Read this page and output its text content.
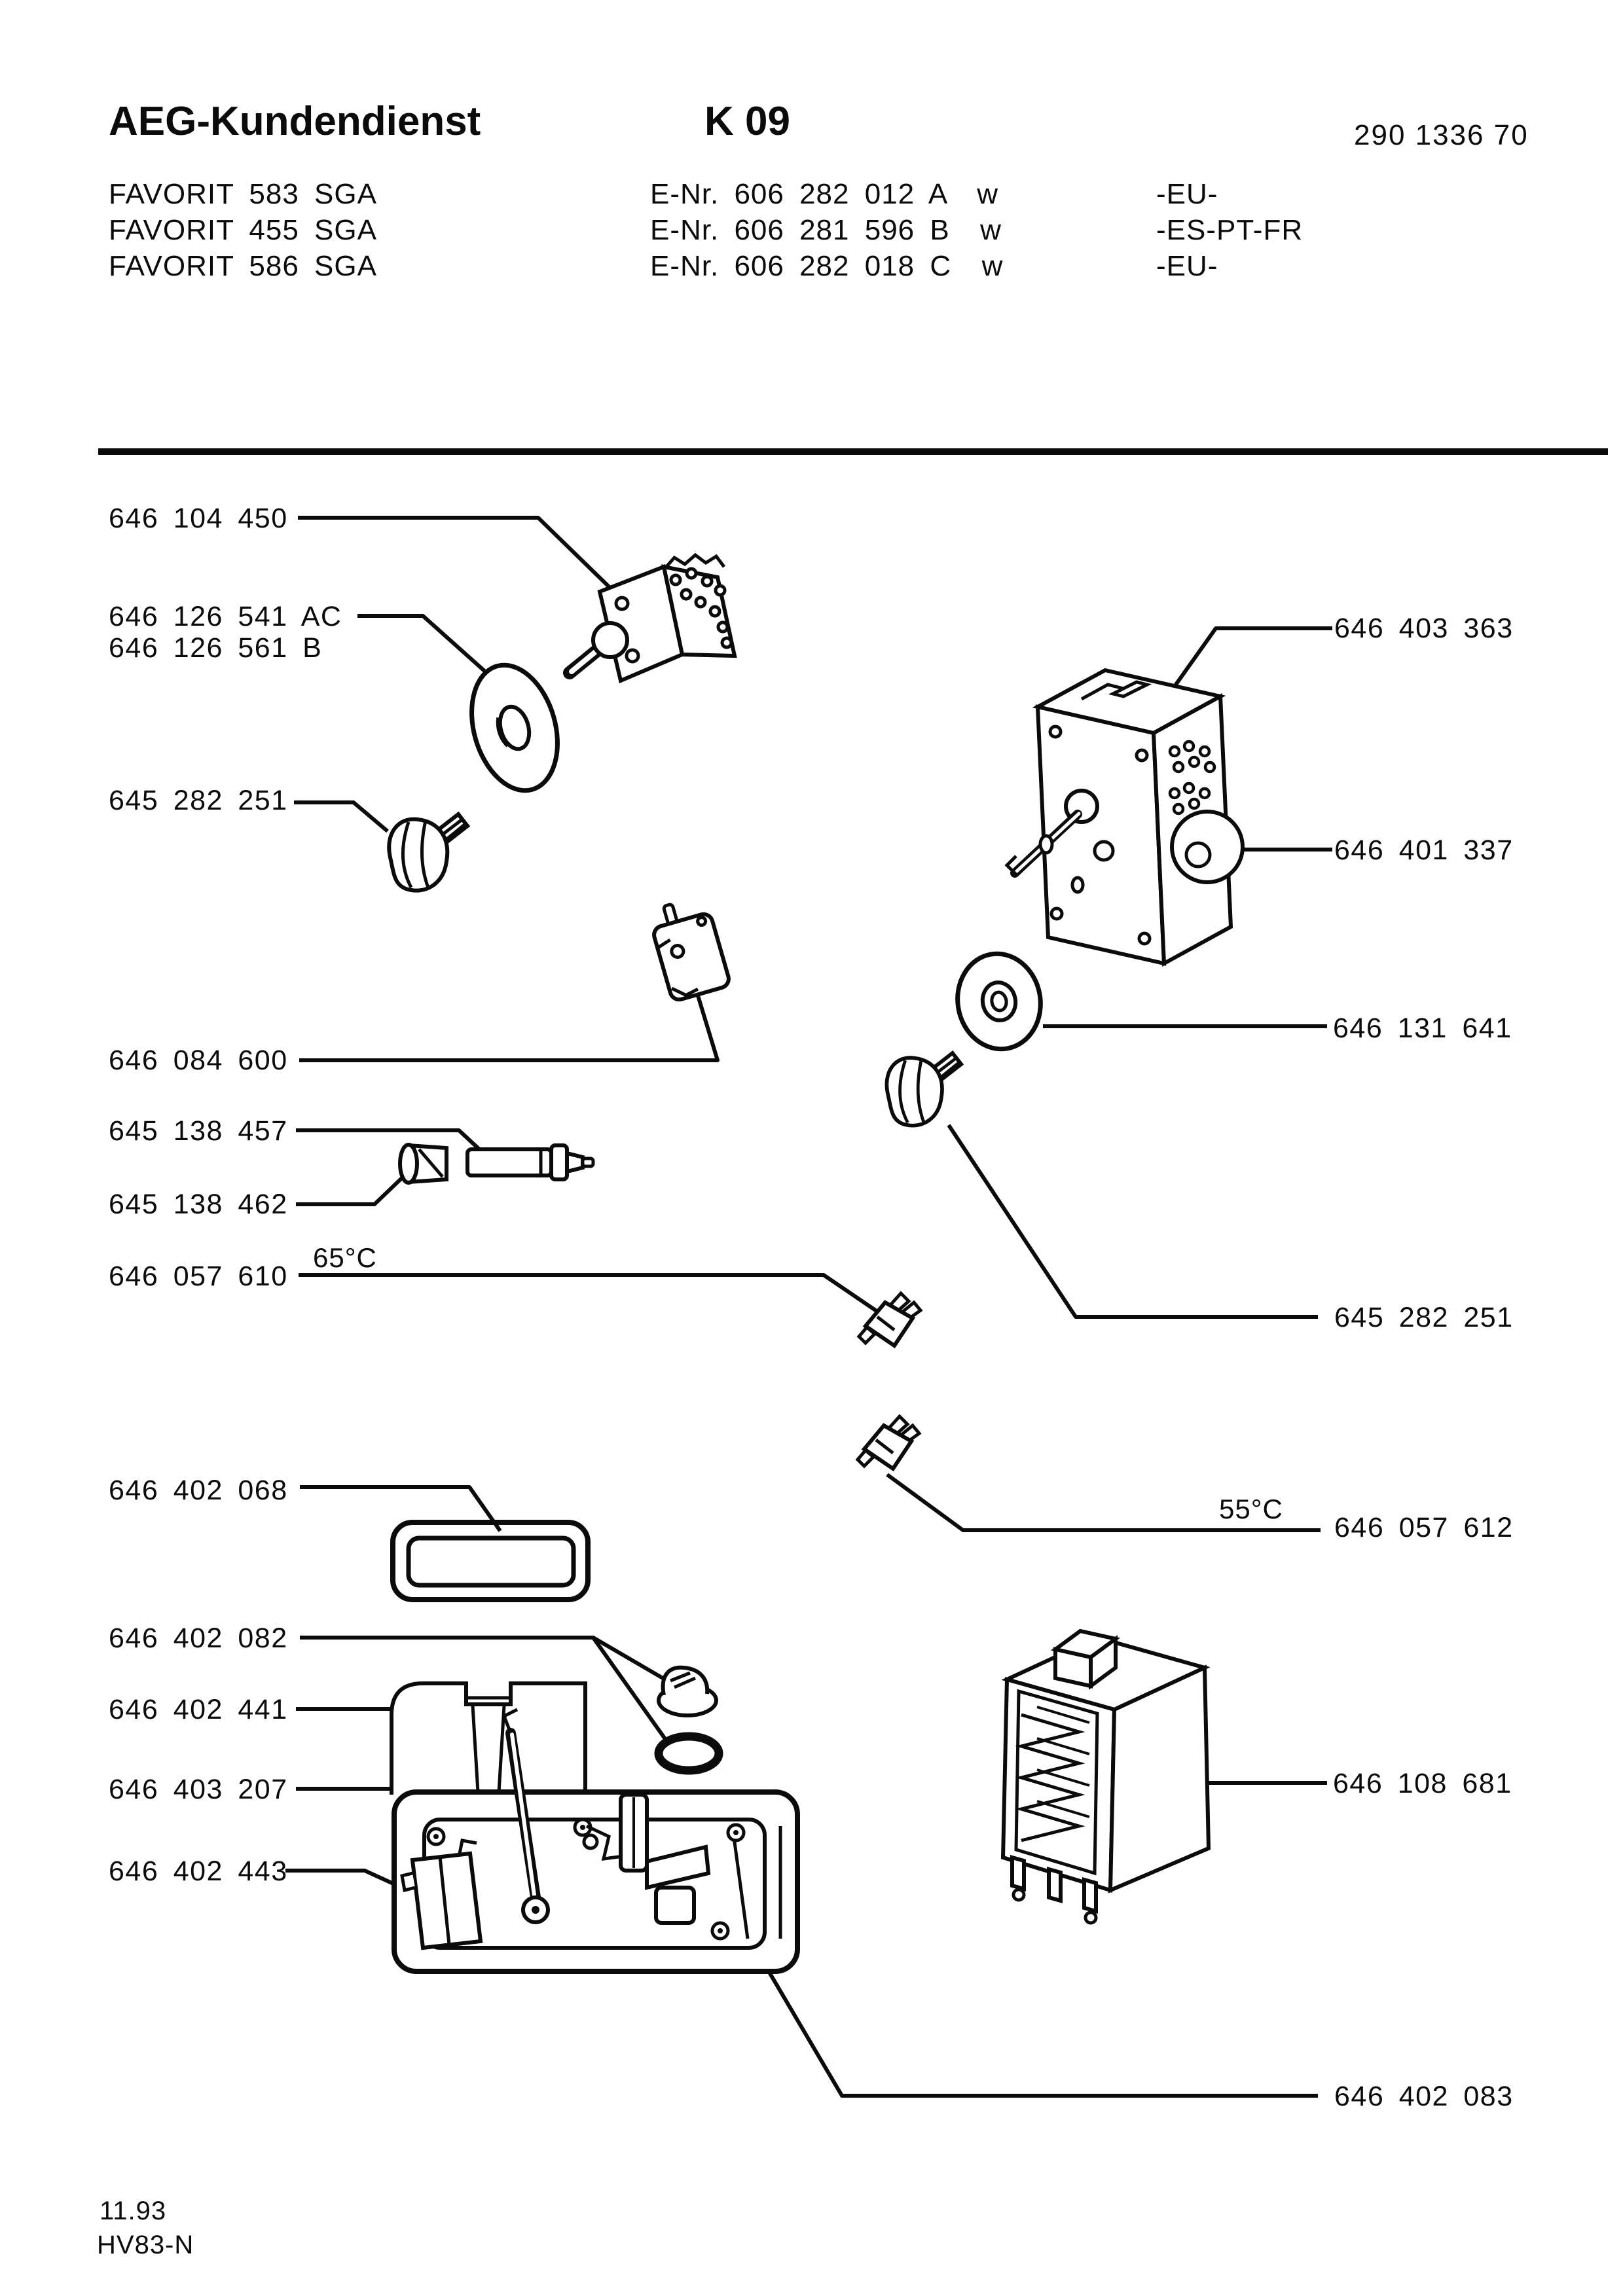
AEG-Kundendienst	K 09	290 1336 70
FAVORIT 583 SGA	E-Nr. 606 282 012 A  w	-EU-
FAVORIT 455 SGA	E-Nr. 606 281 596 B  w	-ES-PT-FR
FAVORIT 586 SGA	E-Nr. 606 282 018 C  w	-EU-
646 104 450
646 126 541 AC
646 126 561 B
645 282 251
646 084 600
645 138 457
645 138 462
646 057 610
65°C
646 402 068
646 402 082
646 402 441
646 403 207
646 402 443
646 403 363
646 401 337
646 131 641
645 282 251
55°C
646 057 612
646 108 681
646 402 083
11.93
HV83-N
